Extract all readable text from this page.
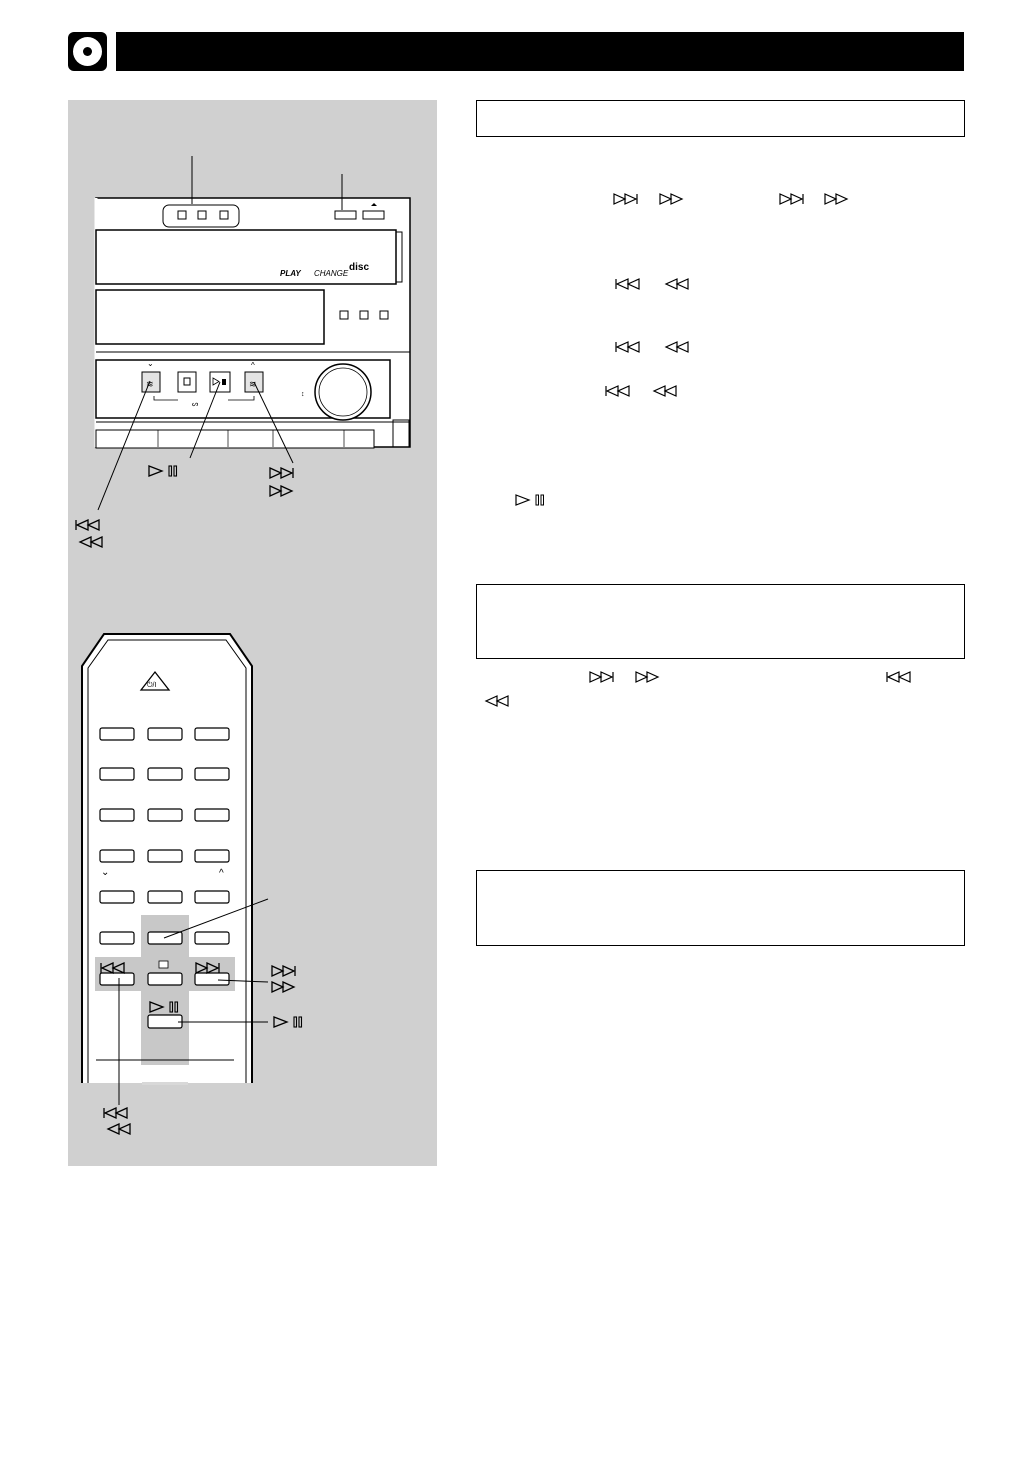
PLAY CHANGE
disc
≋	≋
⌄	^
ᔕ
↕
⏻/I
⌄	^
